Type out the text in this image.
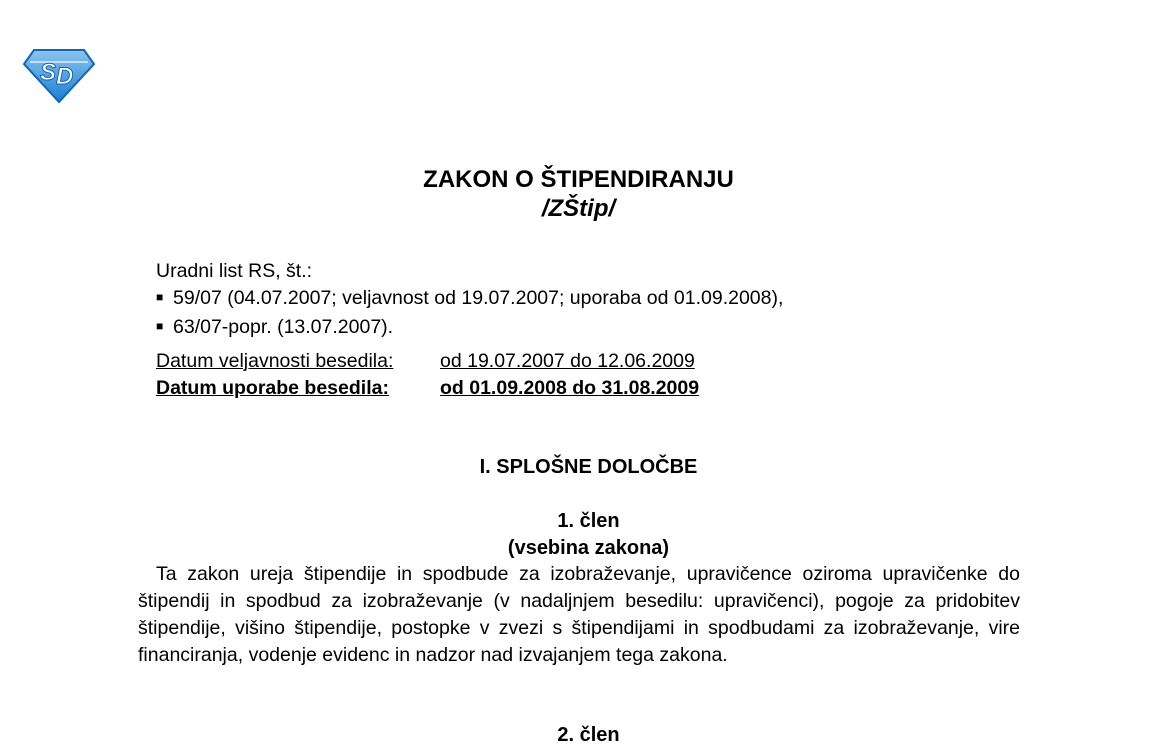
S D
ZAKON O ŠTIPENDIRANJU
/ZŠtip/
Uradni list RS, št.:
■ 59/07 (04.07.2007; veljavnost od 19.07.2007; uporaba od 01.09.2008),
■ 63/07-popr. (13.07.2007).
Datum veljavnosti besedila:	od 19.07.2007 do 12.06.2009
Datum uporabe besedila:	od 01.09.2008 do 31.08.2009
I. SPLOŠNE DOLOČBE
1. člen
(vsebina zakona)
Ta zakon ureja štipendije in spodbude za izobraževanje, upravičence oziroma upravičenke do štipendij in spodbud za izobraževanje (v nadaljnjem besedilu: upravičenci), pogoje za pridobitev štipendije, višino štipendije, postopke v zvezi s štipendijami in spodbudami za izobraževanje, vire financiranja, vodenje evidenc in nadzor nad izvajanjem tega zakona.
2. člen
